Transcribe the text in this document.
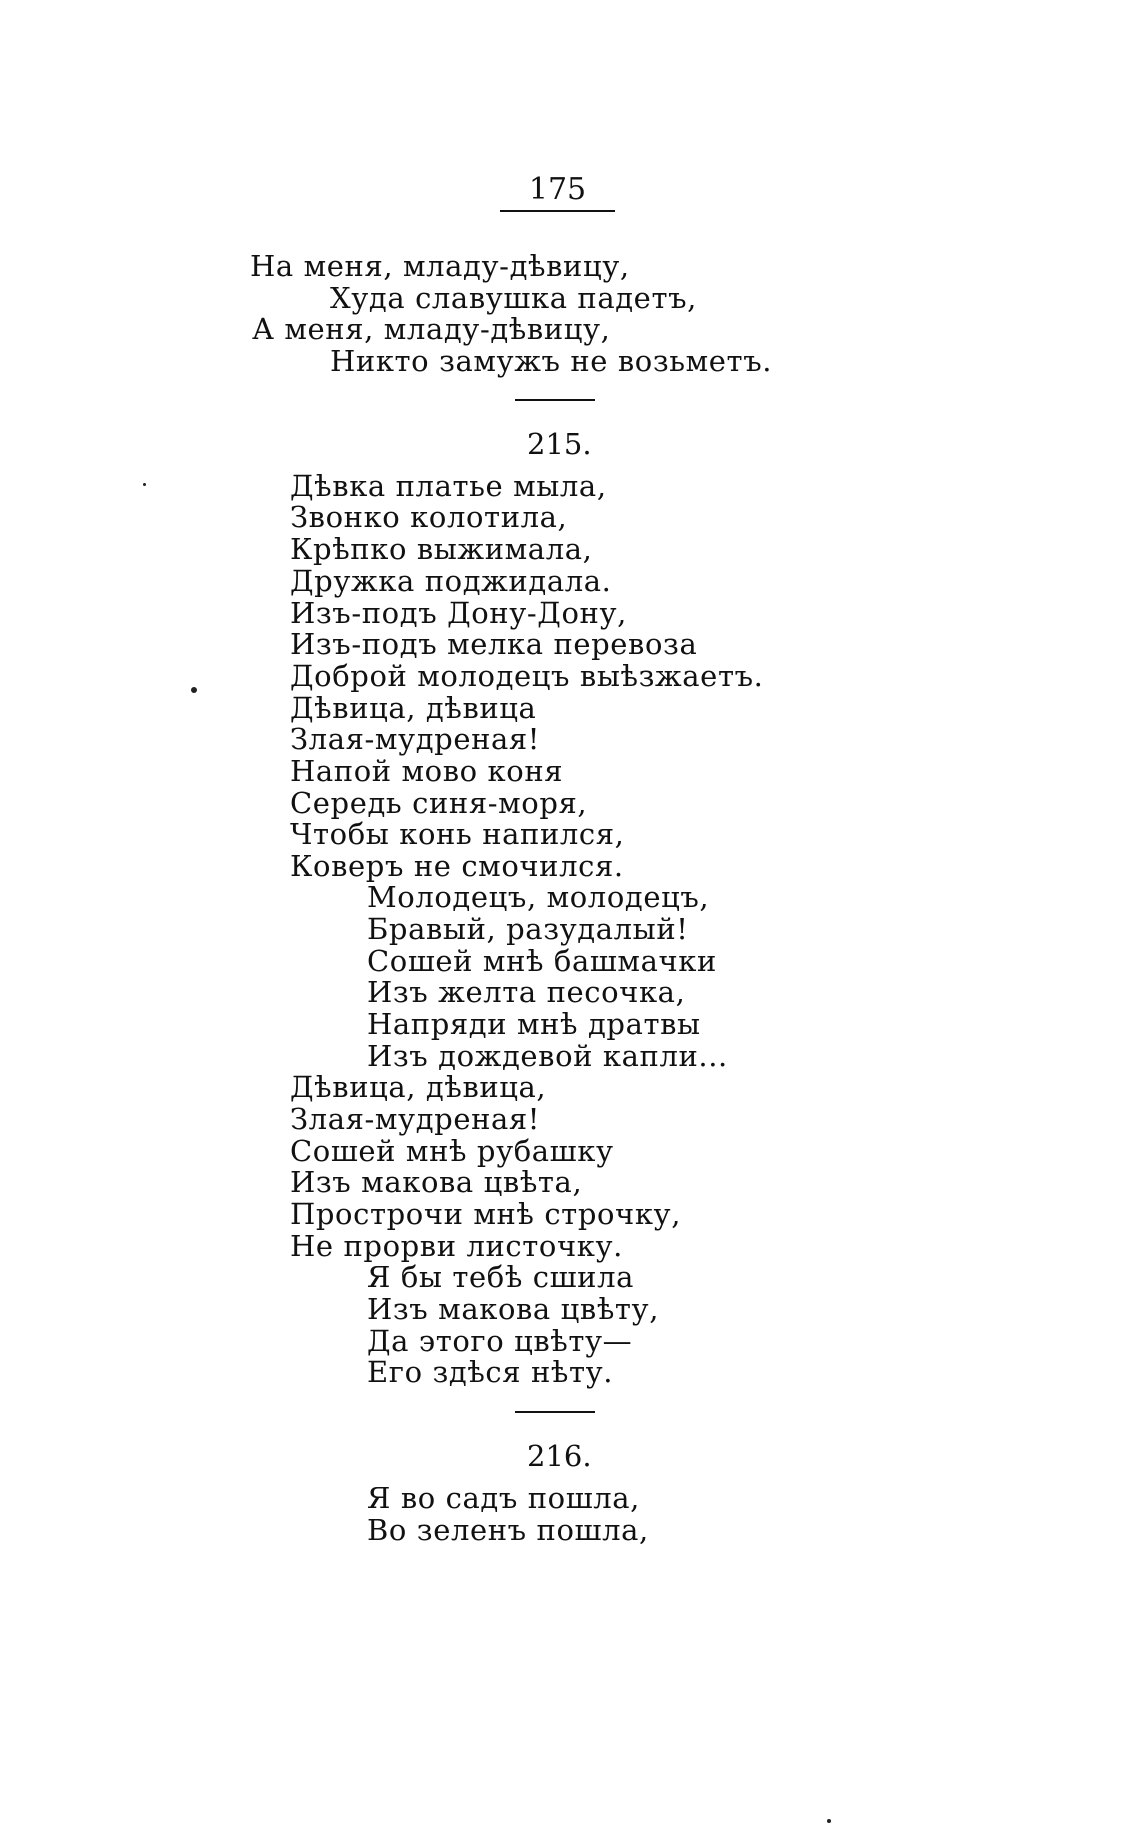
175
На меня, младу-дѣвицу,
Худа славушка падетъ,
А меня, младу-дѣвицу,
Никто замужъ не возьметъ.
215.
Дѣвка платье мыла,
Звонко колотила,
Крѣпко выжимала,
Дружка поджидала.
Изъ-подъ Дону-Дону,
Изъ-подъ мелка перевоза
Доброй молодецъ выѣзжаетъ.
Дѣвица, дѣвица
Злая-мудреная!
Напой мово коня
Середь синя-моря,
Чтобы конь напился,
Коверъ не смочился.
Молодецъ, молодецъ,
Бравый, разудалый!
Сошей мнѣ башмачки
Изъ желта песочка,
Напряди мнѣ дратвы
Изъ дождевой капли...
Дѣвица, дѣвица,
Злая-мудреная!
Сошей мнѣ рубашку
Изъ макова цвѣта,
Прострочи мнѣ строчку,
Не прорви листочку.
Я бы тебѣ сшила
Изъ макова цвѣту,
Да этого цвѣту—
Его здѣся нѣту.
216.
Я во садъ пошла,
Во зеленъ пошла,
